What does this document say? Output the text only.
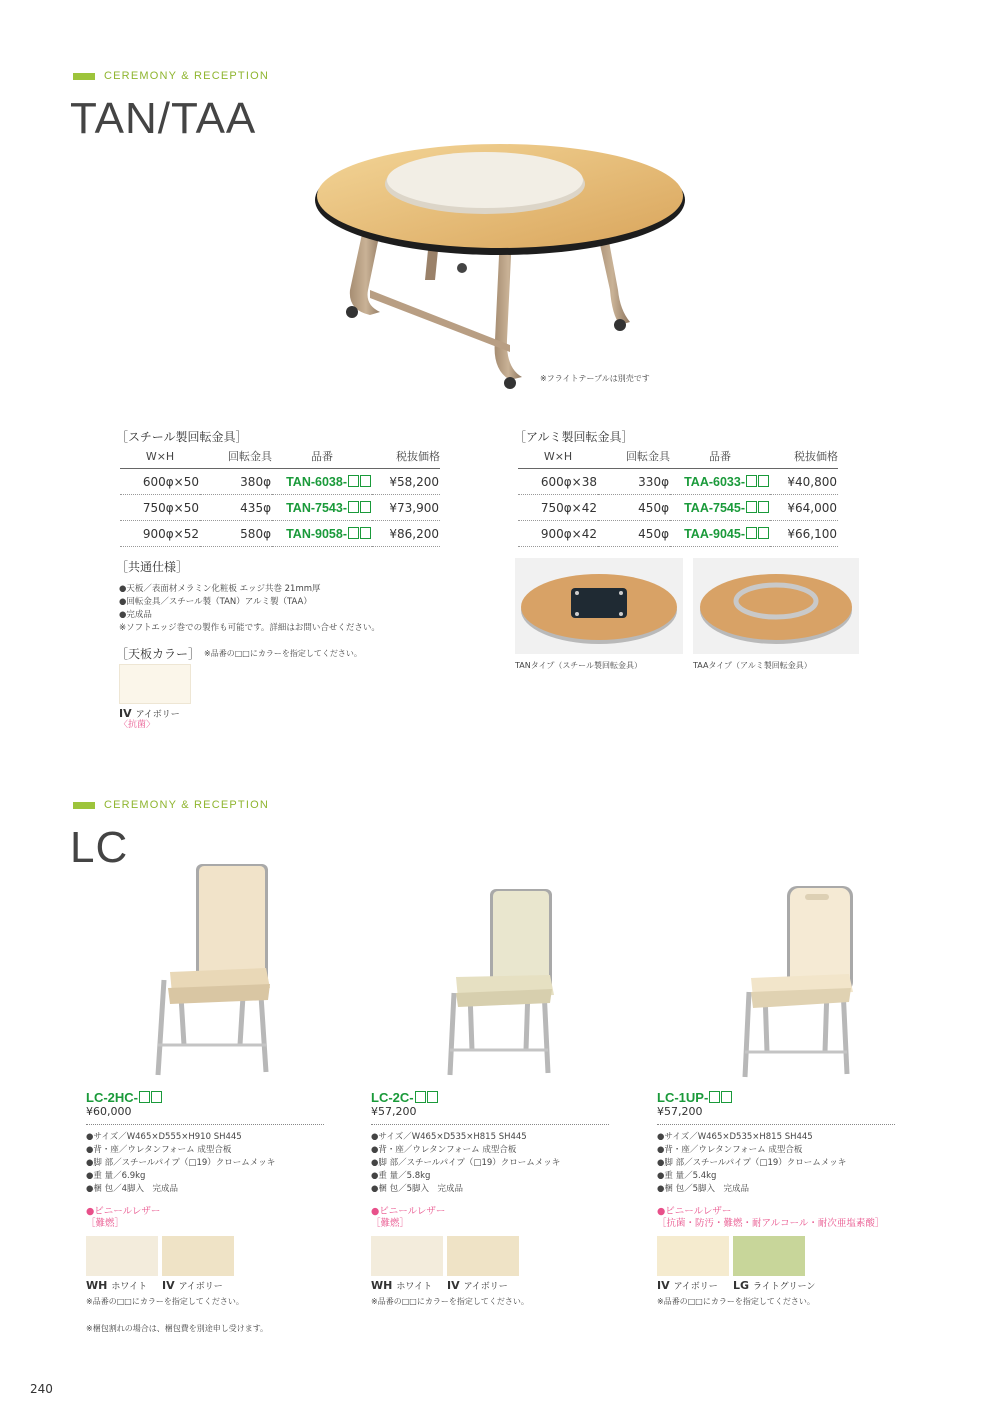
CEREMONY & RECEPTION
TAN/TAA
※フライトテーブルは別売です
［スチール製回転金具］
W×H	回転金具	品番	税抜価格
600φ×50	380φ	TAN-6038-	¥58,200
750φ×50	435φ	TAN-7543-	¥73,900
900φ×52	580φ	TAN-9058-	¥86,200
［アルミ製回転金具］
W×H	回転金具	品番	税抜価格
600φ×38	330φ	TAA-6033-	¥40,800
750φ×42	450φ	TAA-7545-	¥64,000
900φ×42	450φ	TAA-9045-	¥66,100
［共通仕様］
●天板／表面材メラミン化粧板 エッジ共巻 21mm厚
●回転金具／スチール製（TAN）アルミ製（TAA）
●完成品
※ソフトエッジ巻での製作も可能です。詳細はお問い合せください。
［天板カラー］ ※品番の□□にカラーを指定してください。
IV アイボリー
〈抗菌〉
TANタイプ（スチール製回転金具）	TAAタイプ（アルミ製回転金具）
CEREMONY & RECEPTION
LC
LC-2HC-
¥60,000
●サイズ／W465×D555×H910 SH445
●背・座／ウレタンフォーム 成型合板
●脚 部／スチールパイプ（□19）クロームメッキ
●重 量／6.9kg
●梱 包／4脚入　完成品
●ビニールレザー
［難燃］
WH ホワイト	IV アイボリー
※品番の□□にカラーを指定してください。
※梱包割れの場合は、梱包費を別途申し受けます。
LC-2C-
¥57,200
●サイズ／W465×D535×H815 SH445
●背・座／ウレタンフォーム 成型合板
●脚 部／スチールパイプ（□19）クロームメッキ
●重 量／5.8kg
●梱 包／5脚入　完成品
●ビニールレザー
［難燃］
WH ホワイト	IV アイボリー
※品番の□□にカラーを指定してください。
LC-1UP-
¥57,200
●サイズ／W465×D535×H815 SH445
●背・座／ウレタンフォーム 成型合板
●脚 部／スチールパイプ（□19）クロームメッキ
●重 量／5.4kg
●梱 包／5脚入　完成品
●ビニールレザー
［抗菌・防汚・難燃・耐アルコール・耐次亜塩素酸］
IV アイボリー	LG ライトグリーン
※品番の□□にカラーを指定してください。
240
